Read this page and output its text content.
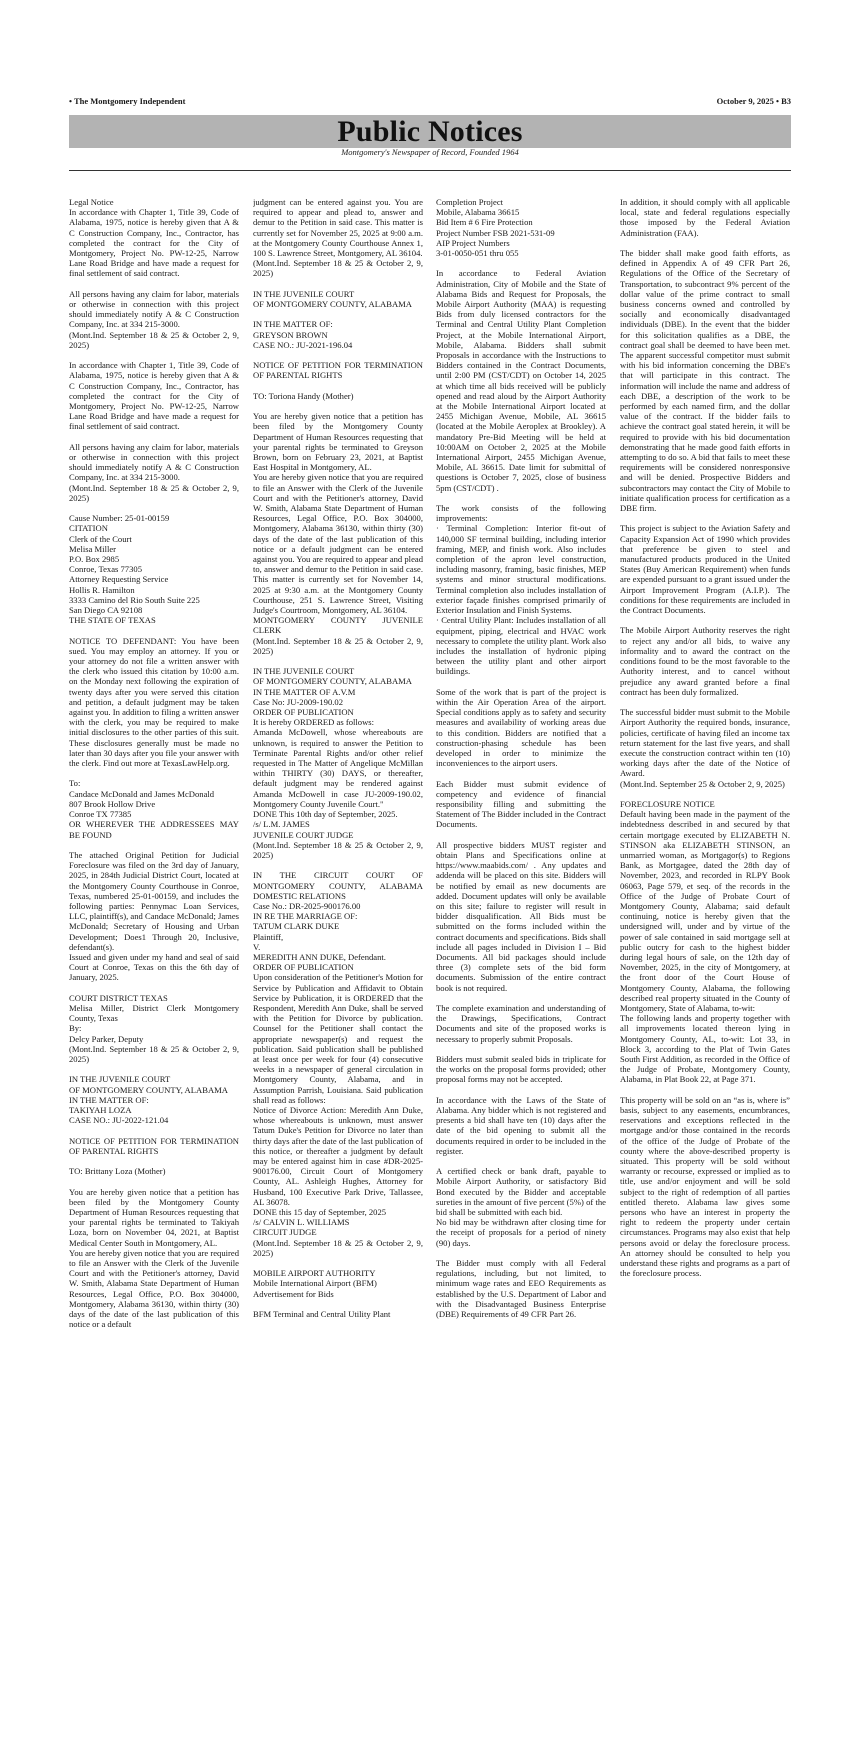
• The Montgomery Independent	October 9, 2025 • B3
Public Notices
Montgomery's Newspaper of Record, Founded 1964

Legal Notice
In accordance with Chapter 1, Title 39, Code of Alabama, 1975, notice is hereby given that A & C Construction Company, Inc., Contractor, has completed the contract for the City of Montgomery, Project No. PW-12-25, Narrow Lane Road Bridge and have made a request for final settlement of said contract.

All persons having any claim for labor, materials or otherwise in connection with this project should immediately notify A & C Construction Company, Inc. at 334 215-3000.
(Mont.Ind. September 18 & 25 & October 2, 9, 2025)

In accordance with Chapter 1, Title 39, Code of Alabama, 1975, notice is hereby given that A & C Construction Company, Inc., Contractor, has completed the contract for the City of Montgomery, Project No. PW-12-25, Narrow Lane Road Bridge and have made a request for final settlement of said contract.

All persons having any claim for labor, materials or otherwise in connection with this project should immediately notify A & C Construction Company, Inc. at 334 215-3000.
(Mont.Ind. September 18 & 25 & October 2, 9, 2025)

Cause Number: 25-01-00159
CITATION
Clerk of the Court
Melisa Miller
P.O. Box 2985
Conroe, Texas 77305
Attorney Requesting Service
Hollis R. Hamilton
3333 Camino del Rio South Suite 225
San Diego CA 92108
THE STATE OF TEXAS

NOTICE TO DEFENDANT: You have been sued. You may employ an attorney. If you or your attorney do not file a written answer with the clerk who issued this citation by 10:00 a.m. on the Monday next following the expiration of twenty days after you were served this citation and petition, a default judgment may be taken against you. In addition to filing a written answer with the clerk, you may be required to make initial disclosures to the other parties of this suit. These disclosures generally must be made no later than 30 days after you file your answer with the clerk. Find out more at TexasLawHelp.org.

To:
Candace McDonald and James McDonald
807 Brook Hollow Drive
Conroe TX 77385
OR WHEREVER THE ADDRESSEES MAY BE FOUND

The attached Original Petition for Judicial Foreclosure was filed on the 3rd day of January, 2025, in 284th Judicial District Court, located at the Montgomery County Courthouse in Conroe, Texas, numbered 25-01-00159, and includes the following parties: Pennymac Loan Services, LLC, plaintiff(s), and Candace McDonald; James McDonald; Secretary of Housing and Urban Development; Does1 Through 20, Inclusive, defendant(s).
Issued and given under my hand and seal of said Court at Conroe, Texas on this the 6th day of January, 2025.

COURT DISTRICT TEXAS
Melisa Miller, District Clerk Montgomery County, Texas
By:
Delcy Parker, Deputy
(Mont.Ind. September 18 & 25 & October 2, 9, 2025)

IN THE JUVENILE COURT
OF MONTGOMERY COUNTY, ALABAMA
IN THE MATTER OF:
TAKIYAH LOZA
CASE NO.: JU-2022-121.04

NOTICE OF PETITION FOR TERMINATION OF PARENTAL RIGHTS

TO: Brittany Loza (Mother)

You are hereby given notice that a petition has been filed by the Montgomery County Department of Human Resources requesting that your parental rights be terminated to Takiyah Loza, born on November 04, 2021, at Baptist Medical Center South in Montgomery, AL.
You are hereby given notice that you are required to file an Answer with the Clerk of the Juvenile Court and with the Petitioner's attorney, David W. Smith, Alabama State Department of Human Resources, Legal Office, P.O. Box 304000, Montgomery, Alabama 36130, within thirty (30) days of the date of the last publication of this notice or a default

judgment can be entered against you. You are required to appear and plead to, answer and demur to the Petition in said case. This matter is currently set for November 25, 2025 at 9:00 a.m. at the Montgomery County Courthouse Annex 1, 100 S. Lawrence Street, Montgomery, AL 36104.
(Mont.Ind. September 18 & 25 & October 2, 9, 2025)

IN THE JUVENILE COURT
OF MONTGOMERY COUNTY, ALABAMA

IN THE MATTER OF:
GREYSON BROWN
CASE NO.: JU-2021-196.04

NOTICE OF PETITION FOR TERMINATION OF PARENTAL RIGHTS

TO: Toriona Handy (Mother)

You are hereby given notice that a petition has been filed by the Montgomery County Department of Human Resources requesting that your parental rights be terminated to Greyson Brown, born on February 23, 2021, at Baptist East Hospital in Montgomery, AL.
You are hereby given notice that you are required to file an Answer with the Clerk of the Juvenile Court and with the Petitioner's attorney, David W. Smith, Alabama State Department of Human Resources, Legal Office, P.O. Box 304000, Montgomery, Alabama 36130, within thirty (30) days of the date of the last publication of this notice or a default judgment can be entered against you. You are required to appear and plead to, answer and demur to the Petition in said case. This matter is currently set for November 14, 2025 at 9:30 a.m. at the Montgomery County Courthouse, 251 S. Lawrence Street, Visiting Judge's Courtroom, Montgomery, AL 36104.
MONTGOMERY COUNTY JUVENILE CLERK
(Mont.Ind. September 18 & 25 & October 2, 9, 2025)

IN THE JUVENILE COURT
OF MONTGOMERY COUNTY, ALABAMA
IN THE MATTER OF A.V.M
Case No: JU-2009-190.02
ORDER OF PUBLICATION
It is hereby ORDERED as follows:
Amanda McDowell, whose whereabouts are unknown, is required to answer the Petition to Terminate Parental Rights and/or other relief requested in The Matter of Angelique McMillan within THIRTY (30) DAYS, or thereafter, default judgment may be rendered against Amanda McDowell in case JU-2009-190.02, Montgomery County Juvenile Court."
DONE This 10th day of September, 2025.
/s/ L.M. JAMES
JUVENILE COURT JUDGE
(Mont.Ind. September 18 & 25 & October 2, 9, 2025)

IN THE CIRCUIT COURT OF MONTGOMERY COUNTY, ALABAMA DOMESTIC RELATIONS
Case No.: DR-2025-900176.00
IN RE THE MARRIAGE OF:
TATUM CLARK DUKE
Plaintiff,
V.
MEREDITH ANN DUKE, Defendant.
ORDER OF PUBLICATION
Upon consideration of the Petitioner's Motion for Service by Publication and Affidavit to Obtain Service by Publication, it is ORDERED that the Respondent, Meredith Ann Duke, shall be served with the Petition for Divorce by publication. Counsel for the Petitioner shall contact the appropriate newspaper(s) and request the publication. Said publication shall be published at least once per week for four (4) consecutive weeks in a newspaper of general circulation in Montgomery County, Alabama, and in Assumption Parrish, Louisiana. Said publication shall read as follows:
Notice of Divorce Action: Meredith Ann Duke, whose whereabouts is unknown, must answer Tatum Duke's Petition for Divorce no later than thirty days after the date of the last publication of this notice, or thereafter a judgment by default may be entered against him in case #DR-2025-900176.00, Circuit Court of Montgomery County, AL. Ashleigh Hughes, Attorney for Husband, 100 Executive Park Drive, Tallassee, AL 36078.
DONE this 15 day of September, 2025
/s/ CALVIN L. WILLIAMS
CIRCUIT JUDGE
(Mont.Ind. September 18 & 25 & October 2, 9, 2025)

MOBILE AIRPORT AUTHORITY
Mobile International Airport (BFM)
Advertisement for Bids

BFM Terminal and Central Utility Plant

Completion Project
Mobile, Alabama 36615
Bid Item # 6 Fire Protection
Project Number FSB 2021-531-09
AIP Project Numbers
3-01-0050-051 thru 055

In accordance to Federal Aviation Administration, City of Mobile and the State of Alabama Bids and Request for Proposals, the Mobile Airport Authority (MAA) is requesting Bids from duly licensed contractors for the Terminal and Central Utility Plant Completion Project, at the Mobile International Airport, Mobile, Alabama. Bidders shall submit Proposals in accordance with the Instructions to Bidders contained in the Contract Documents, until 2:00 PM (CST/CDT) on October 14, 2025 at which time all bids received will be publicly opened and read aloud by the Airport Authority at the Mobile International Airport located at 2455 Michigan Avenue, Mobile, AL 36615 (located at the Mobile Aeroplex at Brookley). A mandatory Pre-Bid Meeting will be held at 10:00AM on October 2, 2025 at the Mobile International Airport, 2455 Michigan Avenue, Mobile, AL 36615. Date limit for submittal of questions is October 7, 2025, close of business 5pm (CST/CDT) .

The work consists of the following improvements:
· Terminal Completion: Interior fit-out of 140,000 SF terminal building, including interior framing, MEP, and finish work. Also includes completion of the apron level construction, including masonry, framing, basic finishes, MEP systems and minor structural modifications. Terminal completion also includes installation of exterior façade finishes comprised primarily of Exterior Insulation and Finish Systems.
· Central Utility Plant: Includes installation of all equipment, piping, electrical and HVAC work necessary to complete the utility plant. Work also includes the installation of hydronic piping between the utility plant and other airport buildings.

Some of the work that is part of the project is within the Air Operation Area of the airport. Special conditions apply as to safety and security measures and availability of working areas due to this condition. Bidders are notified that a construction-phasing schedule has been developed in order to minimize the inconveniences to the airport users.

Each Bidder must submit evidence of competency and evidence of financial responsibility filling and submitting the Statement of The Bidder included in the Contract Documents.

All prospective bidders MUST register and obtain Plans and Specifications online at https://www.maabids.com/ . Any updates and addenda will be placed on this site. Bidders will be notified by email as new documents are added. Document updates will only be available on this site; failure to register will result in bidder disqualification. All Bids must be submitted on the forms included within the contract documents and specifications. Bids shall include all pages included in Division I – Bid Documents. All bid packages should include three (3) complete sets of the bid form documents. Submission of the entire contract book is not required.

The complete examination and understanding of the Drawings, Specifications, Contract Documents and site of the proposed works is necessary to properly submit Proposals.

Bidders must submit sealed bids in triplicate for the works on the proposal forms provided; other proposal forms may not be accepted.

In accordance with the Laws of the State of Alabama. Any bidder which is not registered and presents a bid shall have ten (10) days after the date of the bid opening to submit all the documents required in order to be included in the register.

A certified check or bank draft, payable to Mobile Airport Authority, or satisfactory Bid Bond executed by the Bidder and acceptable sureties in the amount of five percent (5%) of the bid shall be submitted with each bid.
No bid may be withdrawn after closing time for the receipt of proposals for a period of ninety (90) days.

The Bidder must comply with all Federal regulations, including, but not limited, to minimum wage rates and EEO Requirements as established by the U.S. Department of Labor and with the Disadvantaged Business Enterprise (DBE) Requirements of 49 CFR Part 26.

In addition, it should comply with all applicable local, state and federal regulations especially those imposed by the Federal Aviation Administration (FAA).

The bidder shall make good faith efforts, as defined in Appendix A of 49 CFR Part 26, Regulations of the Office of the Secretary of Transportation, to subcontract 9% percent of the dollar value of the prime contract to small business concerns owned and controlled by socially and economically disadvantaged individuals (DBE). In the event that the bidder for this solicitation qualifies as a DBE, the contract goal shall be deemed to have been met. The apparent successful competitor must submit with his bid information concerning the DBE's that will participate in this contract. The information will include the name and address of each DBE, a description of the work to be performed by each named firm, and the dollar value of the contract. If the bidder fails to achieve the contract goal stated herein, it will be required to provide with his bid documentation demonstrating that he made good faith efforts in attempting to do so. A bid that fails to meet these requirements will be considered nonresponsive and will be denied. Prospective Bidders and subcontractors may contact the City of Mobile to initiate qualification process for certification as a DBE firm.

This project is subject to the Aviation Safety and Capacity Expansion Act of 1990 which provides that preference be given to steel and manufactured products produced in the United States (Buy American Requirement) when funds are expended pursuant to a grant issued under the Airport Improvement Program (A.I.P.). The conditions for these requirements are included in the Contract Documents.

The Mobile Airport Authority reserves the right to reject any and/or all bids, to waive any informality and to award the contract on the conditions found to be the most favorable to the Authority interest, and to cancel without prejudice any award granted before a final contract has been duly formalized.

The successful bidder must submit to the Mobile Airport Authority the required bonds, insurance, policies, certificate of having filed an income tax return statement for the last five years, and shall execute the construction contract within ten (10) working days after the date of the Notice of Award.
(Mont.Ind. September 25 & October 2, 9, 2025)

FORECLOSURE NOTICE
Default having been made in the payment of the indebtedness described in and secured by that certain mortgage executed by ELIZABETH N. STINSON aka ELIZABETH STINSON, an unmarried woman, as Mortgagor(s) to Regions Bank, as Mortgagee, dated the 28th day of November, 2023, and recorded in RLPY Book 06063, Page 579, et seq. of the records in the Office of the Judge of Probate Court of Montgomery County, Alabama; said default continuing, notice is hereby given that the undersigned will, under and by virtue of the power of sale contained in said mortgage sell at public outcry for cash to the highest bidder during legal hours of sale, on the 12th day of November, 2025, in the city of Montgomery, at the front door of the Court House of Montgomery County, Alabama, the following described real property situated in the County of Montgomery, State of Alabama, to-wit:
The following lands and property together with all improvements located thereon lying in Montgomery County, AL, to-wit: Lot 33, in Block 3, according to the Plat of Twin Gates South First Addition, as recorded in the Office of the Judge of Probate, Montgomery County, Alabama, in Plat Book 22, at Page 371.

This property will be sold on an “as is, where is” basis, subject to any easements, encumbrances, reservations and exceptions reflected in the mortgage and/or those contained in the records of the office of the Judge of Probate of the county where the above-described property is situated. This property will be sold without warranty or recourse, expressed or implied as to title, use and/or enjoyment and will be sold subject to the right of redemption of all parties entitled thereto. Alabama law gives some persons who have an interest in property the right to redeem the property under certain circumstances. Programs may also exist that help persons avoid or delay the foreclosure process. An attorney should be consulted to help you understand these rights and programs as a part of the foreclosure process.
